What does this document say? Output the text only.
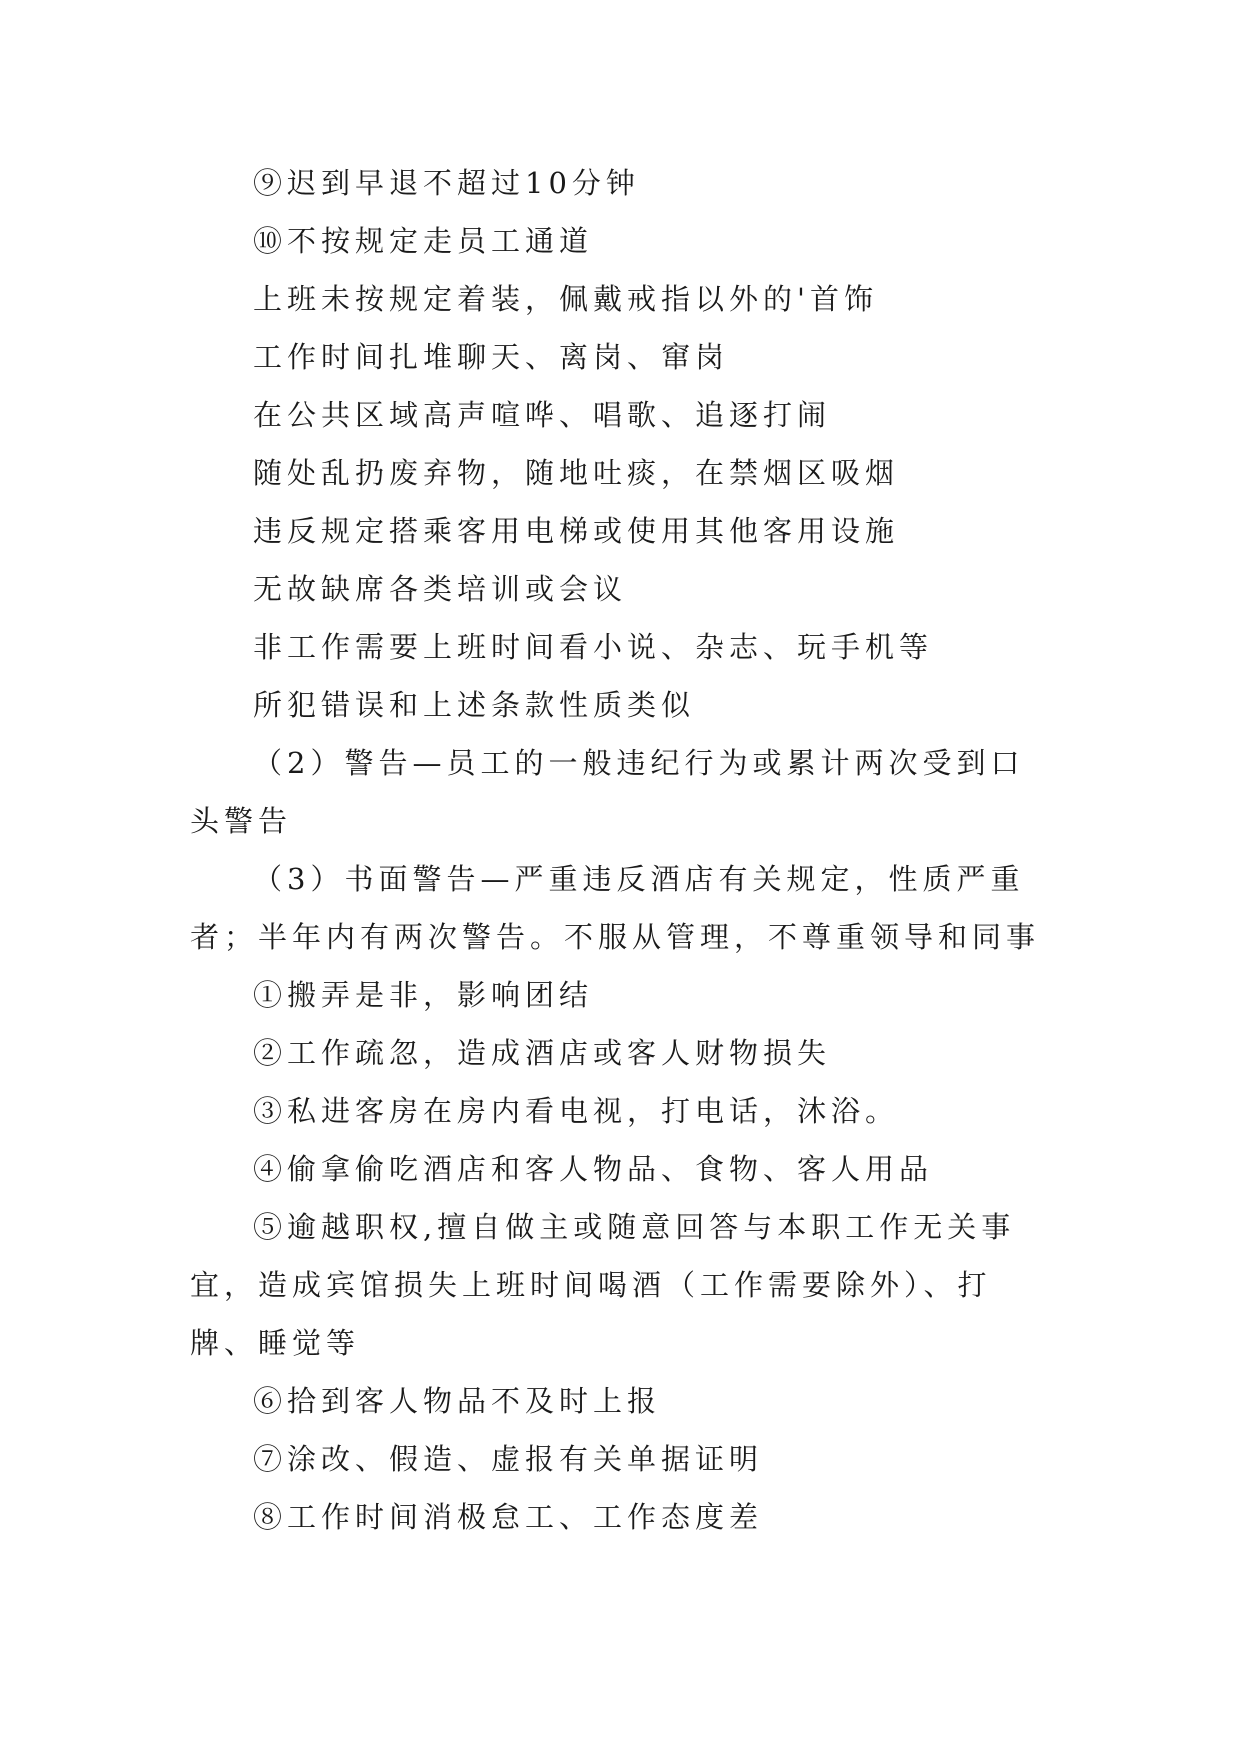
⑨迟到早退不超过10分钟
⑩不按规定走员工通道
上班未按规定着装，佩戴戒指以外的'首饰
工作时间扎堆聊天、离岗、窜岗
在公共区域高声喧哗、唱歌、追逐打闹
随处乱扔废弃物，随地吐痰，在禁烟区吸烟
违反规定搭乘客用电梯或使用其他客用设施
无故缺席各类培训或会议
非工作需要上班时间看小说、杂志、玩手机等
所犯错误和上述条款性质类似
（2）警告—员工的一般违纪行为或累计两次受到口头警告
（3）书面警告—严重违反酒店有关规定，性质严重者；半年内有两次警告。不服从管理，不尊重领导和同事
①搬弄是非，影响团结
②工作疏忽，造成酒店或客人财物损失
③私进客房在房内看电视，打电话，沐浴。
④偷拿偷吃酒店和客人物品、食物、客人用品
⑤逾越职权,擅自做主或随意回答与本职工作无关事宜，造成宾馆损失上班时间喝酒（工作需要除外）、打牌、睡觉等
⑥拾到客人物品不及时上报
⑦涂改、假造、虚报有关单据证明
⑧工作时间消极怠工、工作态度差
